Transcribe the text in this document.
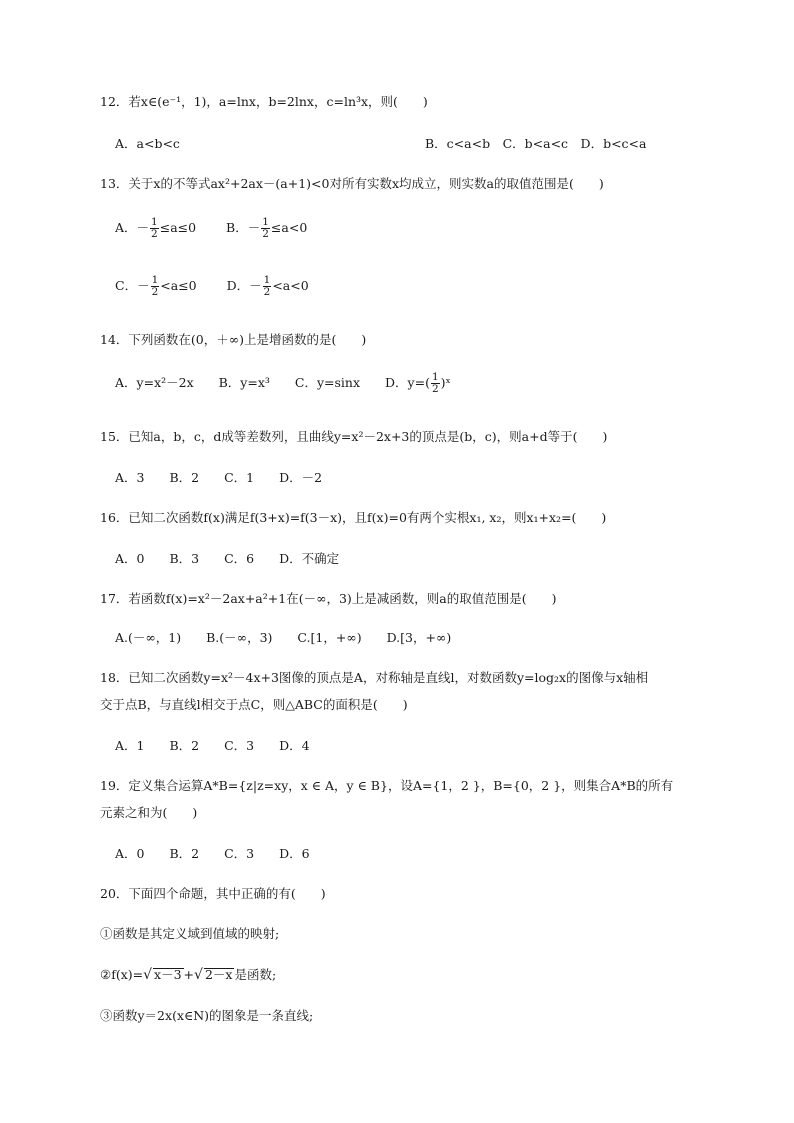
12．若x∈(e⁻¹，1)，a=lnx，b=2lnx，c=ln³x，则(　　)
A．a<b<c	B．c<a<b　C．b<a<c　D．b<c<a
13．关于x的不等式ax²+2ax－(a+1)<0对所有实数x均成立，则实数a的取值范围是(　　)
A．－ $\frac{1}{2} \le a\le 0$ B．－ $\frac{1}{2} \le a<0$
C．－ $\frac{1}{2} <a\le 0$ D．－ $\frac{1}{2} <a<0$
14．下列函数在(0，＋∞)上是增函数的是(　　)
A．y=x²－2x　　B．y=x³　　C．y=sinx　　D．$y=( \frac{1}{2}$ )ˣ
15．已知a，b，c，d成等差数列，且曲线y=x²－2x+3的顶点是(b，c)，则a+d等于(　　)
A．3　　B．2　　C．1　　D．－2
16．已知二次函数f(x)满足f(3+x)=f(3－x)，且f(x)=0有两个实根x₁, x₂，则x₁+x₂=(　　)
A．0　　B．3　　C．6　　D．不确定
17．若函数f(x)=x²－2ax+a²+1在(－∞，3)上是减函数，则a的取值范围是(　　)
A.(－∞，1)　　B.(－∞，3)　　C.[1，+∞)　　D.[3，+∞)
18．已知二次函数y=x²－4x+3图像的顶点是A，对称轴是直线l，对数函数y=log₂x的图像与x轴相
交于点B，与直线l相交于点C，则△ABC的面积是(　　)
A．1　　B．2　　C．3　　D．4
19．定义集合运算A*B={z|z=xy，x ∈ A，y ∈ B}，设A={1，2 }，B={0，2 }，则集合A*B的所有
元素之和为(　　)
A．0　　B．2　　C．3　　D．6
20．下面四个命题，其中正确的有(　　)
①函数是其定义域到值域的映射;
②f(x)=√ x－3 +√ 2－x 是函数;
③函数y＝2x(x∈N)的图象是一条直线;
